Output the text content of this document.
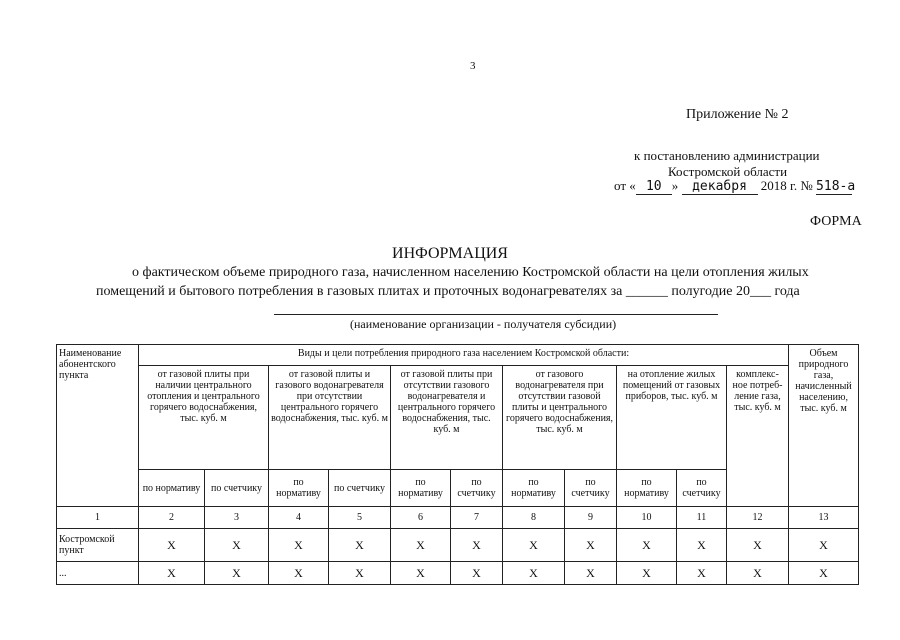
3
Приложение № 2
к постановлению администрации
Костромской области
от « 10 » декабря 2018 г. № 518-а
ФОРМА
ИНФОРМАЦИЯ
о фактическом объеме природного газа, начисленном населению Костромской области на цели отопления жилых
помещений и бытового потребления в газовых плитах и проточных водонагревателях за ______ полугодие 20___ года
(наименование организации - получателя субсидии)
Наименование абонентского пункта	Виды и цели потребления природного газа населением Костромской области:											Объем природного газа, начисленный населению, тыс. куб. м
	от газовой плиты при наличии центрального отопления и центрального горячего водоснабжения, тыс. куб. м		от газовой плиты и газового водонагревателя при отсутствии центрального горячего водоснабжения, тыс. куб. м		от газовой плиты при отсутствии газового водонагревателя и центрального горячего водоснабжения, тыс. куб. м		от газового водонагревателя при отсутствии газовой плиты и центрального горячего водоснабжения, тыс. куб. м		на отопление жилых помещений от газовых приборов, тыс. куб. м		комплекс-ное потреб-ление газа, тыс. куб. м	
	по нормативу	по счетчику	по нормативу	по счетчику	по нормативу	по счетчику	по нормативу	по счетчику	по нормативу	по счетчику		
1	2	3	4	5	6	7	8	9	10	11	12	13
Костромской пункт	Х	Х	Х	Х	Х	Х	Х	Х	Х	Х	Х	Х
...	Х	Х	Х	Х	Х	Х	Х	Х	Х	Х	Х	Х
